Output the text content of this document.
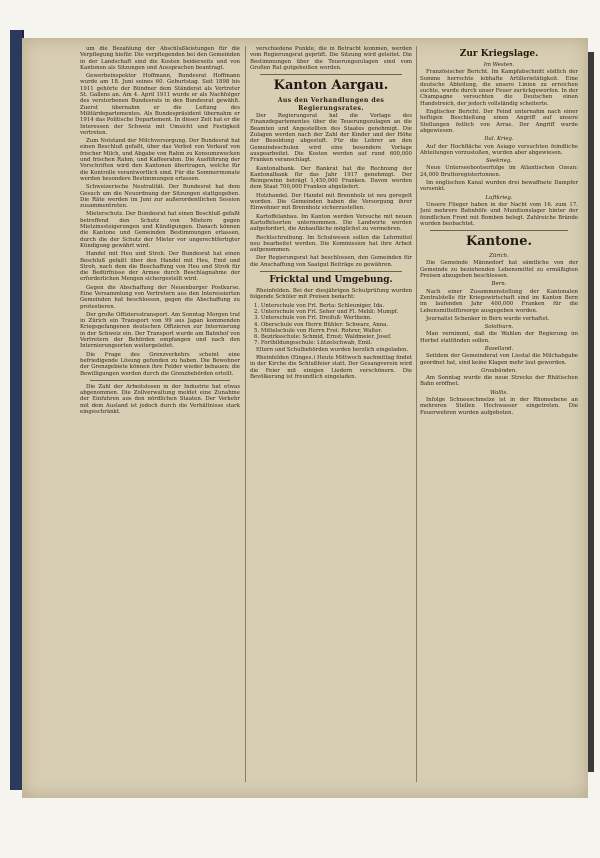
um die Bezahlung der Abschlußleistungen für die Verpflegung hiefür. Die verpflegenden bei den Gemeinden in der Landschaft sind die Kosten beiderseits und von Kantonen als Sitzungen und Aussprachen beantragt.

Gewerbeinspektor Hoffmann, Bundesrat Hoffmann wurde am 18. Juni seines 60. Geburtstag. Seit 1898 bis 1911 gehörte der Bündner dem Ständerat als Vertreter St. Gallens an. Am 4. April 1911 wurde er als Nachfolger des verstorbenen Bundesrats in den Bundesrat gewählt. Zuerst übernahm er die Leitung des Militärdepartementes. Als Bundespräsident übernahm er 1914 das Politische Departement. In dieser Zeit hat er die Interessen der Schweiz mit Umsicht und Festigkeit vertreten.

Zum Notstand der Milchversorgung. Der Bundesrat hat einen Beschluß gefaßt, über das Verbot von Verkauf von frischer Milch, und Abgabe von Rahm zu Konsumzwecken und frischen Rahm, und Kaffeerahm. Die Ausführung der Vorschriften wird den Kantonen übertragen, welche für die Kontrolle verantwortlich sind. Für die Sommermonate werden besondere Bestimmungen erlassen.

Schweizerische Neutralität. Der Bundesrat hat dem Gesuch um die Neuordnung der Sitzungen stattgegeben. Die Räte werden im Juni zur außerordentlichen Session zusammentreten.

Mieterschutz. Der Bundesrat hat einen Beschluß gefaßt betreffend den Schutz von Mietern gegen Mietzinssteigerungen und Kündigungen. Danach können die Kantone und Gemeinden Bestimmungen erlassen, durch die der Schutz der Mieter vor ungerechtfertigter Kündigung gewährt wird.

Handel mit Heu und Stroh. Der Bundesrat hat einen Beschluß gefaßt über den Handel mit Heu, Emd und Stroh, nach dem die Beschaffung von Heu und Stroh für die Bedürfnisse der Armee durch Beschlagnahme der erforderlichen Mengen sichergestellt wird.

Gegen die Abschaffung der Neuenburger Postkurse. Eine Versammlung von Vertretern aus den Interessierten Gemeinden hat beschlossen, gegen die Abschaffung zu protestieren.

Der große Offiziersstransport. Am Sonntag Morgen traf in Zürich ein Transport von 99 aus Japan kommenden Kriegsgefangenen deutschen Offizieren zur Internierung in der Schweiz ein. Der Transport wurde am Bahnhof von Vertretern der Behörden empfangen und nach den Internierungsorten weitergeleitet.

Die Frage des Grenzverkehrs scheint eine befriedigende Lösung gefunden zu haben. Die Bewohner der Grenzgebiete können ihre Felder wieder bebauen; die Bewilligungen werden durch die Grenzbehörden erteilt.

Die Zahl der Arbeitslosen in der Industrie hat etwas abgenommen. Die Zollverwaltung meldet eine Zunahme der Einfuhren aus den nördlichen Staaten. Der Verkehr mit dem Ausland ist jedoch durch die Verhältnisse stark eingeschränkt.

verschiedene Punkte, die in Betracht kommen, werden vom Regierungsrat geprüft. Die Sitzung wird geleitet. Die Bestimmungen über die Teuerungszulagen sind vom Großen Rat gutgeheißen worden.

Kanton Aargau.
Aus den Verhandlungen des Regierungsrates.

Der Regierungsrat hat die Vorlage des Finanzdepartementes über die Teuerungszulagen an die Beamten und Angestellten des Staates genehmigt. Die Zulagen werden nach der Zahl der Kinder und der Höhe der Besoldung abgestuft. Für die Lehrer an den Gemeindeschulen wird eine besondere Vorlage ausgearbeitet. Die Kosten werden auf rund 600,000 Franken veranschlagt.

Kantonalbank. Der Bankrat hat die Rechnung der Kantonalbank für das Jahr 1917 genehmigt. Der Reingewinn beträgt 1,450,000 Franken. Davon werden dem Staat 700,000 Franken abgeliefert.

Holzhandel. Der Handel mit Brennholz ist neu geregelt worden. Die Gemeinden haben die Versorgung ihrer Einwohner mit Brennholz sicherzustellen.

Kartoffelanbau. Im Kanton werden Versuche mit neuen Kartoffelsorten unternommen. Die Landwirte werden aufgefordert, die Anbaufläche möglichst zu vermehren.

Rechtschreibung. Im Schulwesen sollen die Lehrmittel neu bearbeitet werden. Die Kommission hat ihre Arbeit aufgenommen.

Der Regierungsrat hat beschlossen, den Gemeinden für die Anschaffung von Saatgut Beiträge zu gewähren.

Fricktal und Umgebung.

Rheinfelden. Bei der diesjährigen Schulprüfung wurden folgende Schüler mit Preisen bedacht:

1. Unterschule von Frl. Berta: Schleuniger, Ida.
2. Unterschule von Frl. Seher und Fl. Mehli: Mumpf.
3. Unterschule von Frl. Dreifuß: Wertheim.
4. Oberschule von Herrn Bühler: Schwarz, Anna.
5. Mittelschule von Herrn Frei: Rohrer, Walter.
6. Bezirksschule: Schmid, Ernst; Waldmeier, Josef.
7. Fortbildungsschule: Lützelschwab, Emil.

Eltern und Schulbehörden wurden herzlich eingeladen.

Rheinfelden (Einges.) Heute Mittwoch nachmittag findet in der Kirche die Schlußfeier statt. Der Gesangverein wird die Feier mit einigen Liedern verschönern. Die Bevölkerung ist freundlich eingeladen.

Zur Kriegslage.
Im Westen.

Französischer Bericht. Im Kampfabschnitt südlich der Somme herrschte lebhafte Artillerietätigkeit. Eine deutsche Abteilung, die unsere Linien zu erreichen suchte, wurde durch unser Feuer zurückgeworfen. In der Champagne versuchten die Deutschen einen Handstreich, der jedoch vollständig scheiterte.

Englischer Bericht. Der Feind unternahm nach einer heftigen Beschießung einen Angriff auf unsere Stellungen östlich von Arras. Der Angriff wurde abgewiesen.

Ital. Krieg.

Auf der Hochfläche von Asiago versuchten feindliche Abteilungen vorzustoßen, wurden aber abgewiesen.

Seekrieg.

Neue Unterseebootserfolge im Atlantischen Ozean: 24,000 Bruttoregistertonnen.

Im englischen Kanal wurden drei bewaffnete Dampfer versenkt.

Luftkrieg.

Unsere Flieger haben in der Nacht vom 16. zum 17. Juni mehrere Bahnhöfe und Munitionslager hinter der feindlichen Front mit Bomben belegt. Zahlreiche Brände wurden beobachtet.

Kantone.
Zürich.

Die Gemeinde Männedorf hat sämtliche von der Gemeinde zu beziehenden Lebensmittel zu ermäßigten Preisen abzugeben beschlossen.

Bern.

Nach einer Zusammenstellung der Kantonalen Zentralstelle für Kriegswirtschaft sind im Kanton Bern im laufenden Jahr 400,000 Franken für die Lebensmittelfürsorge ausgegeben worden.

Journalist Schenker in Bern wurde verhaftet.

Solothurn.

Man vernimmt, daß die Wahlen der Regierung im Herbst stattfinden sollen.

Baselland.

Seitdem der Gemeinderat von Liestal die Milchabgabe geordnet hat, sind keine Klagen mehr laut geworden.

Graubünden.

Am Sonntag wurde die neue Strecke der Rhätischen Bahn eröffnet.

Wallis.

Infolge Schneeschmelze ist in der Rhoneebene an mehreren Stellen Hochwasser eingetreten. Die Feuerwehren wurden aufgeboten.
